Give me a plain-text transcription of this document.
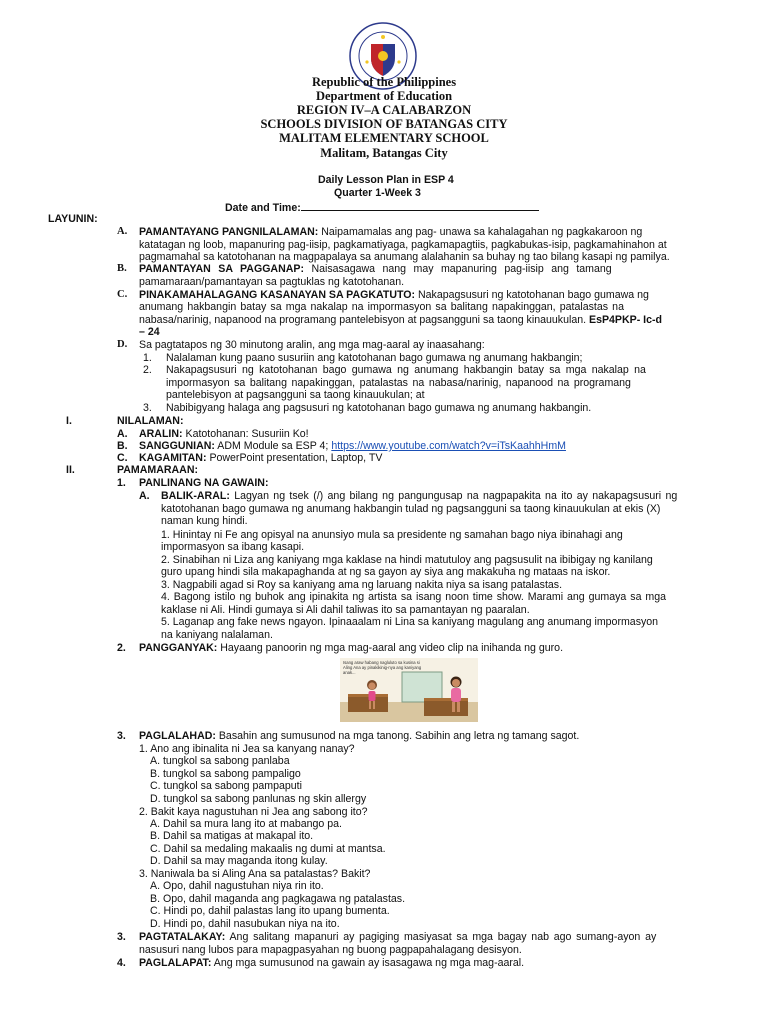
Republic of the Philippines
Department of Education
REGION IV–A CALABARZON
SCHOOLS DIVISION OF BATANGAS CITY
MALITAM ELEMENTARY SCHOOL
Malitam, Batangas City
Daily Lesson Plan in ESP 4
Quarter 1-Week 3
Date and Time:
LAYUNIN:
A. PAMANTAYANG PANGNILALAMAN: Naipamamalas ang pag- unawa sa kahalagahan ng pagkakaroon ng
katatagan ng loob, mapanuring pag-iisip, pagkamatiyaga, pagkamapagtiis, pagkabukas-isip, pagkamahinahon at
pagmamahal sa katotohanan na magpapalaya sa anumang alalahanin sa buhay ng tao bilang kasapi ng pamilya.
B. PAMANTAYAN SA PAGGANAP: Naisasagawa nang may mapanuring pag-iisip ang tamang
pamamaraan/pamantayan sa pagtuklas ng katotohanan.
C. PINAKAMAHALAGANG KASANAYAN SA PAGKATUTO: Nakapagsusuri ng katotohanan bago gumawa ng
anumang hakbangin batay sa mga nakalap na impormasyon sa balitang napakinggan, patalastas na
nabasa/narinig, napanood na programang pantelebisyon at pagsangguni sa taong kinauukulan. EsP4PKP- Ic-d
– 24
D. Sa pagtatapos ng 30 minutong aralin, ang mga mag-aaral ay inaasahang:
1. Nalalaman kung paano susuriin ang katotohanan bago gumawa ng anumang hakbangin;
2. Nakapagsusuri ng katotohanan bago gumawa ng anumang hakbangin batay sa mga nakalap na
impormasyon sa balitang napakinggan, patalastas na nabasa/narinig, napanood na programang
pantelebisyon at pagsangguni sa taong kinauukulan; at
3. Nabibigyang halaga ang pagsusuri ng katotohanan bago gumawa ng anumang hakbangin.
I.	NILALAMAN:
A. ARALIN: Katotohanan: Susuriin Ko!
B. SANGGUNIAN: ADM Module sa ESP 4; https://www.youtube.com/watch?v=iTsKaahhHmM
C. KAGAMITAN: PowerPoint presentation, Laptop, TV
II.	PAMAMARAAN:
1. PANLINANG NA GAWAIN:
A. BALIK-ARAL: Lagyan ng tsek (/) ang bilang ng pangungusap na nagpapakita na ito ay nakapagsusuri ng
katotohanan bago gumawa ng anumang hakbangin tulad ng pagsangguni sa taong kinauukulan at ekis (X)
naman kung hindi.
1. Hinintay ni Fe ang opisyal na anunsiyo mula sa presidente ng samahan bago niya ibinahagi ang
impormasyon sa ibang kasapi.
2. Sinabihan ni Liza ang kaniyang mga kaklase na hindi matutuloy ang pagsusulit na ibibigay ng kanilang
guro upang hindi sila makapaghanda at ng sa gayon ay siya ang makakuha ng mataas na iskor.
3. Nagpabili agad si Roy sa kaniyang ama ng laruang nakita niya sa isang patalastas.
4. Bagong istilo ng buhok ang ipinakita ng artista sa isang noon time show. Marami ang gumaya sa mga
kaklase ni Ali. Hindi gumaya si Ali dahil taliwas ito sa pamantayan ng paaralan.
5. Laganap ang fake news ngayon. Ipinaaalam ni Lina sa kaniyang magulang ang anumang impormasyon
na kaniyang nalalaman.
2. PANGGANYAK: Hayaang panoorin ng mga mag-aaral ang video clip na inihanda ng guro.
Isang araw habang nagluluto sa kusina si Aling Ana ay pinakikinig-nya ang kaniyang anak...
3. PAGLALAHAD: Basahin ang sumusunod na mga tanong. Sabihin ang letra ng tamang sagot.
1. Ano ang ibinalita ni Jea sa kanyang nanay?
A. tungkol sa sabong panlaba
B. tungkol sa sabong pampaligo
C. tungkol sa sabong pampaputi
D. tungkol sa sabong panlunas ng skin allergy
2. Bakit kaya nagustuhan ni Jea ang sabong ito?
A. Dahil sa mura lang ito at mabango pa.
B. Dahil sa matigas at makapal ito.
C. Dahil sa medaling makaalis ng dumi at mantsa.
D. Dahil sa may maganda itong kulay.
3. Naniwala ba si Aling Ana sa patalastas? Bakit?
A. Opo, dahil nagustuhan niya rin ito.
B. Opo, dahil maganda ang pagkagawa ng patalastas.
C. Hindi po, dahil palastas lang ito upang bumenta.
D. Hindi po, dahil nasubukan niya na ito.
3. PAGTATALAKAY: Ang salitang mapanuri ay pagiging masiyasat sa mga bagay nab ago sumang-ayon ay
nasusuri nang lubos para mapagpasyahan ng buong pagpapahalagang desisyon.
4. PAGLALAPAT: Ang mga sumusunod na gawain ay isasagawa ng mga mag-aaral.
